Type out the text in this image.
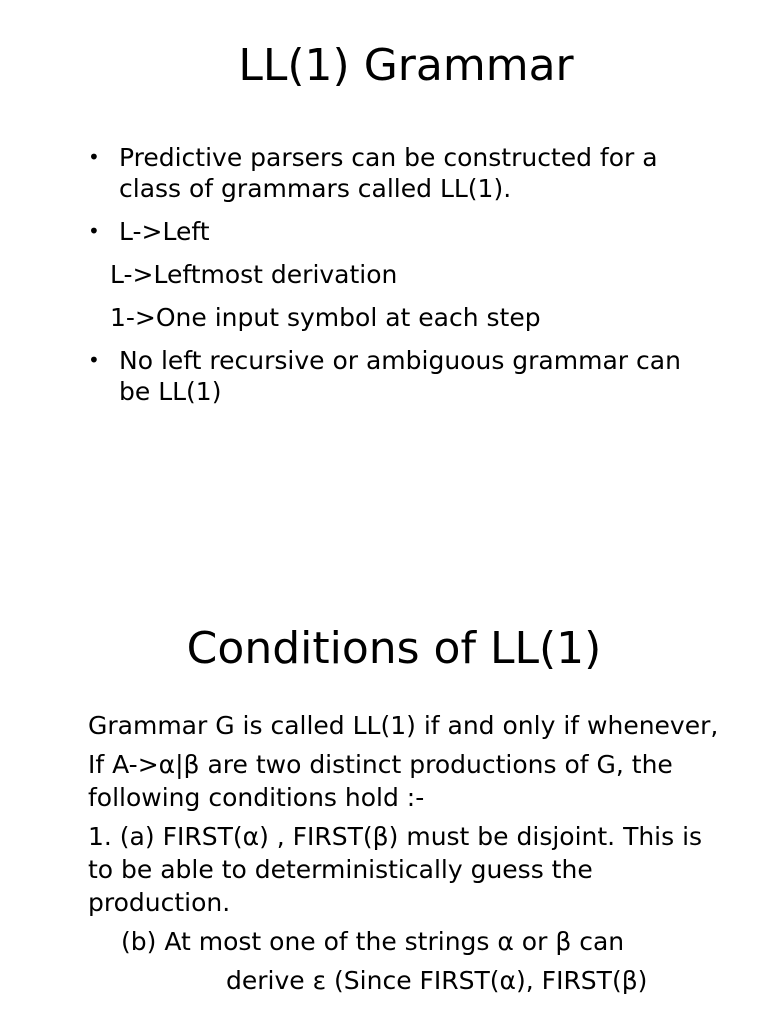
LL(1) Grammar
• Predictive parsers can be constructed for a class of grammars called LL(1).
• L->Left
L->Leftmost derivation
1->One input symbol at each step
• No left recursive or ambiguous grammar can be LL(1)
Conditions of LL(1)

Grammar G is called LL(1) if and only if whenever,

If A->α|β are two distinct productions of G, the following conditions hold :-

1. (a) FIRST(α) , FIRST(β) must be disjoint. This is to be able to deterministically guess the production.

(b) At most one of the strings α or β can

derive ε (Since FIRST(α), FIRST(β)
